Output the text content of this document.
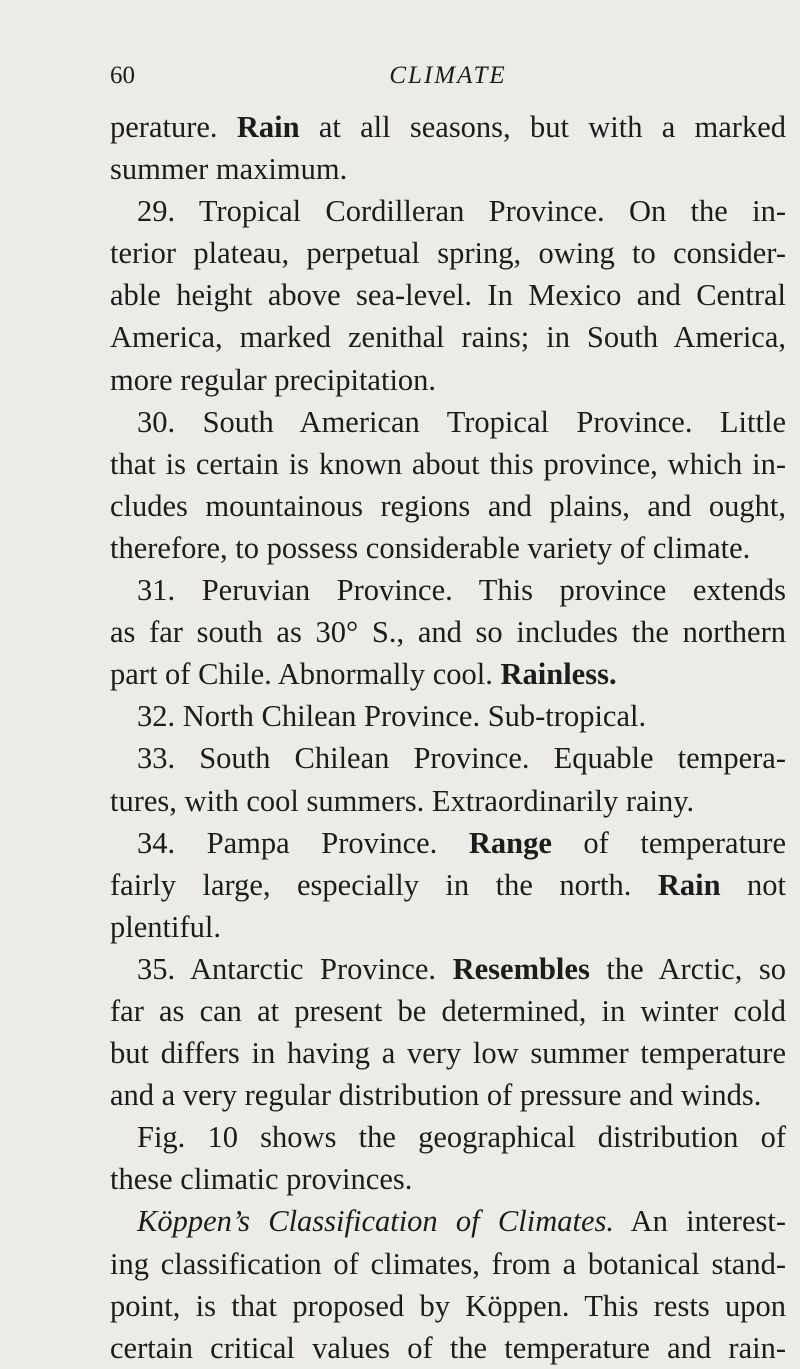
60	CLIMATE
perature. Rain at all seasons, but with a marked
summer maximum.
29. Tropical Cordilleran Province. On the in-
terior plateau, perpetual spring, owing to consider-
able height above sea-level. In Mexico and Central
America, marked zenithal rains; in South America,
more regular precipitation.
30. South American Tropical Province. Little
that is certain is known about this province, which in-
cludes mountainous regions and plains, and ought,
therefore, to possess considerable variety of climate.
31. Peruvian Province. This province extends
as far south as 30° S., and so includes the northern
part of Chile. Abnormally cool. Rainless.
32. North Chilean Province. Sub-tropical.
33. South Chilean Province. Equable tempera-
tures, with cool summers. Extraordinarily rainy.
34. Pampa Province. Range of temperature
fairly large, especially in the north. Rain not
plentiful.
35. Antarctic Province. Resembles the Arctic, so
far as can at present be determined, in winter cold
but differs in having a very low summer temperature
and a very regular distribution of pressure and winds.
Fig. 10 shows the geographical distribution of
these climatic provinces.
Köppen’s Classification of Climates. An interest-
ing classification of climates, from a botanical stand-
point, is that proposed by Köppen. This rests upon
certain critical values of the temperature and rain-
